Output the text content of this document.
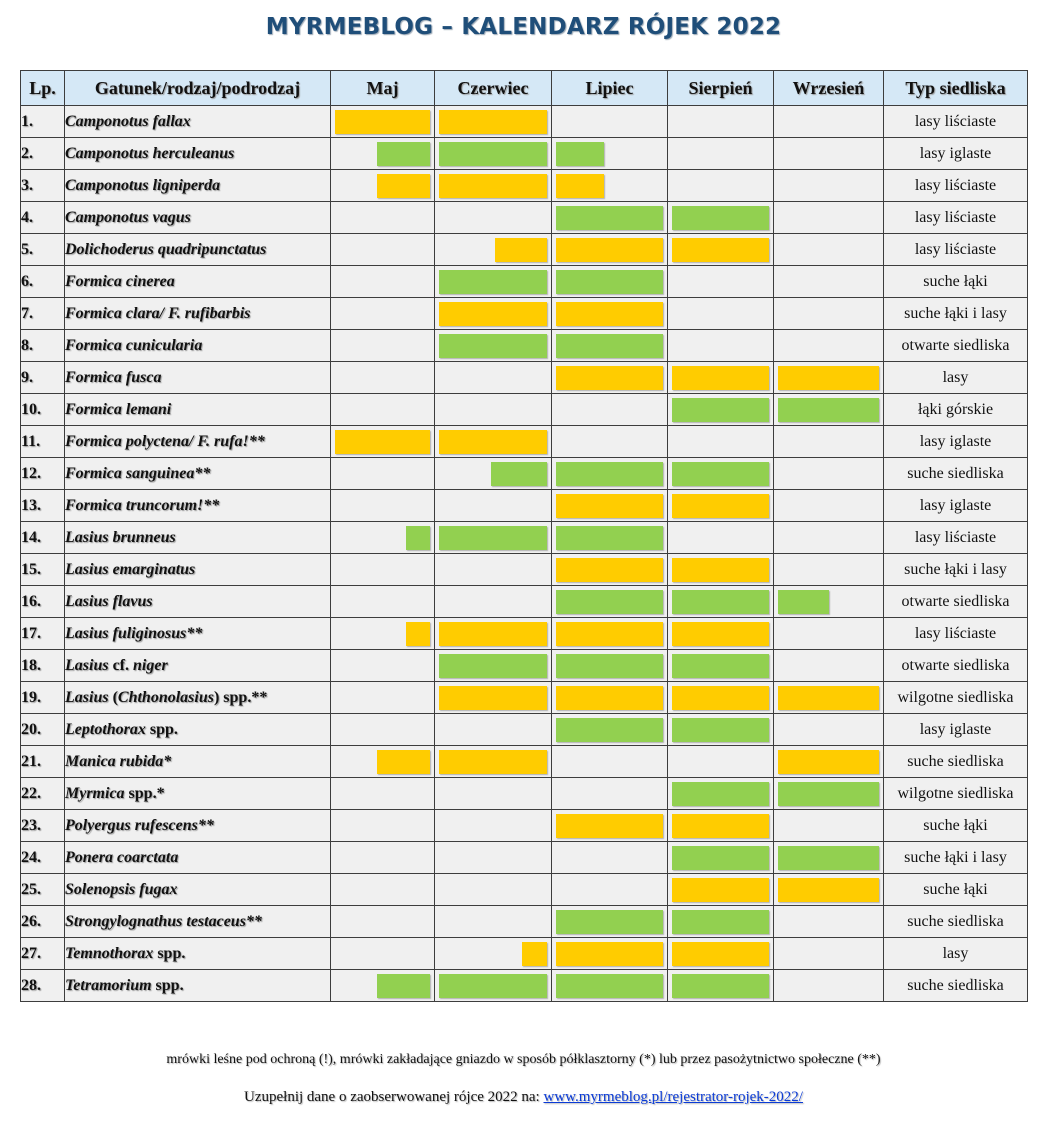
MYRMEBLOG – KALENDARZ RÓJEK 2022
Lp.	Gatunek/rodzaj/podrodzaj	Maj	Czerwiec	Lipiec	Sierpień	Wrzesień	Typ siedliska
1.	Camponotus fallax						lasy liściaste
2.	Camponotus herculeanus						lasy iglaste
3.	Camponotus ligniperda						lasy liściaste
4.	Camponotus vagus						lasy liściaste
5.	Dolichoderus quadripunctatus						lasy liściaste
6.	Formica cinerea						suche łąki
7.	Formica clara/ F. rufibarbis						suche łąki i lasy
8.	Formica cunicularia						otwarte siedliska
9.	Formica fusca						lasy
10.	Formica lemani						łąki górskie
11.	Formica polyctena/ F. rufa!**						lasy iglaste
12.	Formica sanguinea**						suche siedliska
13.	Formica truncorum!**						lasy iglaste
14.	Lasius brunneus						lasy liściaste
15.	Lasius emarginatus						suche łąki i lasy
16.	Lasius flavus						otwarte siedliska
17.	Lasius fuliginosus**						lasy liściaste
18.	Lasius cf. niger						otwarte siedliska
19.	Lasius (Chthonolasius) spp.**						wilgotne siedliska
20.	Leptothorax spp.						lasy iglaste
21.	Manica rubida*						suche siedliska
22.	Myrmica spp.*						wilgotne siedliska
23.	Polyergus rufescens**						suche łąki
24.	Ponera coarctata						suche łąki i lasy
25.	Solenopsis fugax						suche łąki
26.	Strongylognathus testaceus**						suche siedliska
27.	Temnothorax spp.						lasy
28.	Tetramorium spp.						suche siedliska
mrówki leśne pod ochroną (!), mrówki zakładające gniazdo w sposób półklasztorny (*) lub przez pasożytnictwo społeczne (**)
Uzupełnij dane o zaobserwowanej rójce 2022 na: www.myrmeblog.pl/rejestrator-rojek-2022/
